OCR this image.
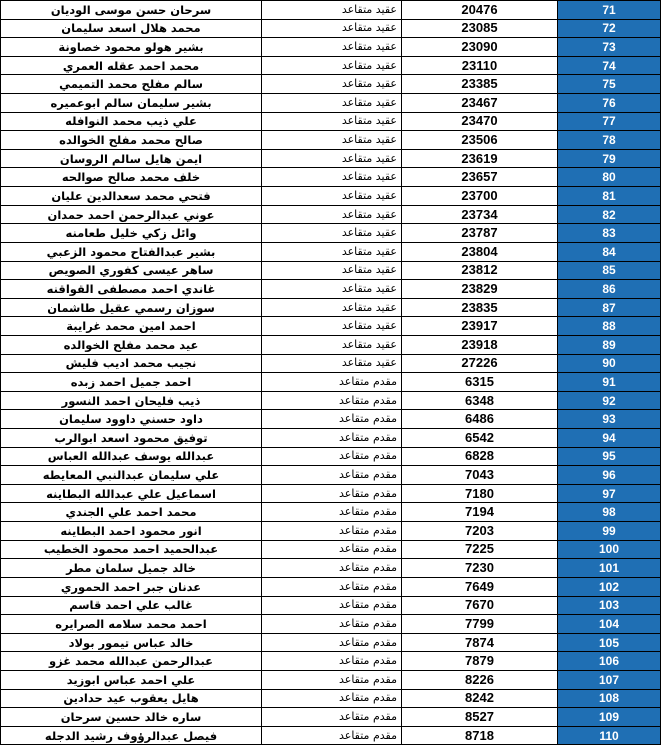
سرحان حسن موسى الوديان	عقيد متقاعد	20476	71
محمد هلال اسعد سليمان	عقيد متقاعد	23085	72
بشير هولو محمود خصاونة	عقيد متقاعد	23090	73
محمد احمد عقله العمري	عقيد متقاعد	23110	74
سالم مفلح محمد التميمي	عقيد متقاعد	23385	75
بشير سليمان سالم ابوعميره	عقيد متقاعد	23467	76
علي ذيب محمد النوافله	عقيد متقاعد	23470	77
صالح محمد مفلح الخوالده	عقيد متقاعد	23506	78
ايمن هايل سالم الروسان	عقيد متقاعد	23619	79
خلف محمد صالح صوالحه	عقيد متقاعد	23657	80
فتحي محمد سعدالدين عليان	عقيد متقاعد	23700	81
عوني عبدالرحمن احمد حمدان	عقيد متقاعد	23734	82
وائل زكي خليل طعامنه	عقيد متقاعد	23787	83
بشير عبدالفتاح محمود الزعبي	عقيد متقاعد	23804	84
ساهر عيسى كفوري الصويص	عقيد متقاعد	23812	85
غاندي احمد مصطفى القواقنه	عقيد متقاعد	23829	86
سوزان رسمي عقيل طاشمان	عقيد متقاعد	23835	87
احمد امين محمد غرايبة	عقيد متقاعد	23917	88
عيد محمد مفلح الخوالده	عقيد متقاعد	23918	89
نجيب محمد اديب فليش	عقيد متقاعد	27226	90
احمد جميل احمد زبده	مقدم متقاعد	6315	91
ذيب فليحان احمد النسور	مقدم متقاعد	6348	92
داود حسني داوود سليمان	مقدم متقاعد	6486	93
توفيق محمود اسعد ابوالرب	مقدم متقاعد	6542	94
عبدالله يوسف عبدالله العباس	مقدم متقاعد	6828	95
علي سليمان عبدالنبي المعايطه	مقدم متقاعد	7043	96
اسماعيل علي عبدالله البطاينه	مقدم متقاعد	7180	97
محمد احمد علي الجندي	مقدم متقاعد	7194	98
انور محمود احمد البطاينه	مقدم متقاعد	7203	99
عبدالحميد احمد محمود الخطيب	مقدم متقاعد	7225	100
خالد جميل سلمان مطر	مقدم متقاعد	7230	101
عدنان جبر احمد الحموري	مقدم متقاعد	7649	102
غالب علي احمد قاسم	مقدم متقاعد	7670	103
احمد محمد سلامه الصرايره	مقدم متقاعد	7799	104
خالد عباس تيمور بولاد	مقدم متقاعد	7874	105
عبدالرحمن عبدالله محمد غزو	مقدم متقاعد	7879	106
علي احمد عباس ابوزيد	مقدم متقاعد	8226	107
هايل يعقوب عيد حدادين	مقدم متقاعد	8242	108
ساره خالد حسين سرحان	مقدم متقاعد	8527	109
فيصل عبدالرؤوف رشيد الدجله	مقدم متقاعد	8718	110
